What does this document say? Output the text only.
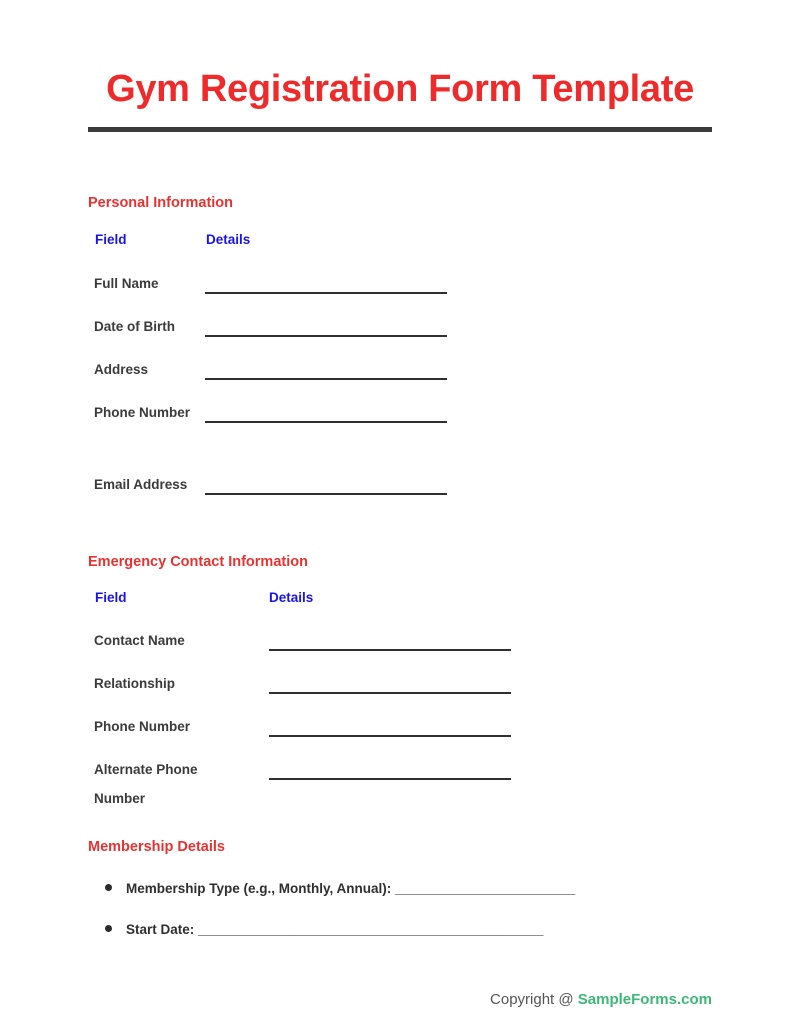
Gym Registration Form Template
Personal Information
Field	Details
Full Name
Date of Birth
Address
Phone Number
Email Address
Emergency Contact Information
Field	Details
Contact Name
Relationship
Phone Number
Alternate Phone Number
Membership Details
Membership Type (e.g., Monthly, Annual): ________________________
Start Date: ______________________________________________
Copyright @ SampleForms.com
